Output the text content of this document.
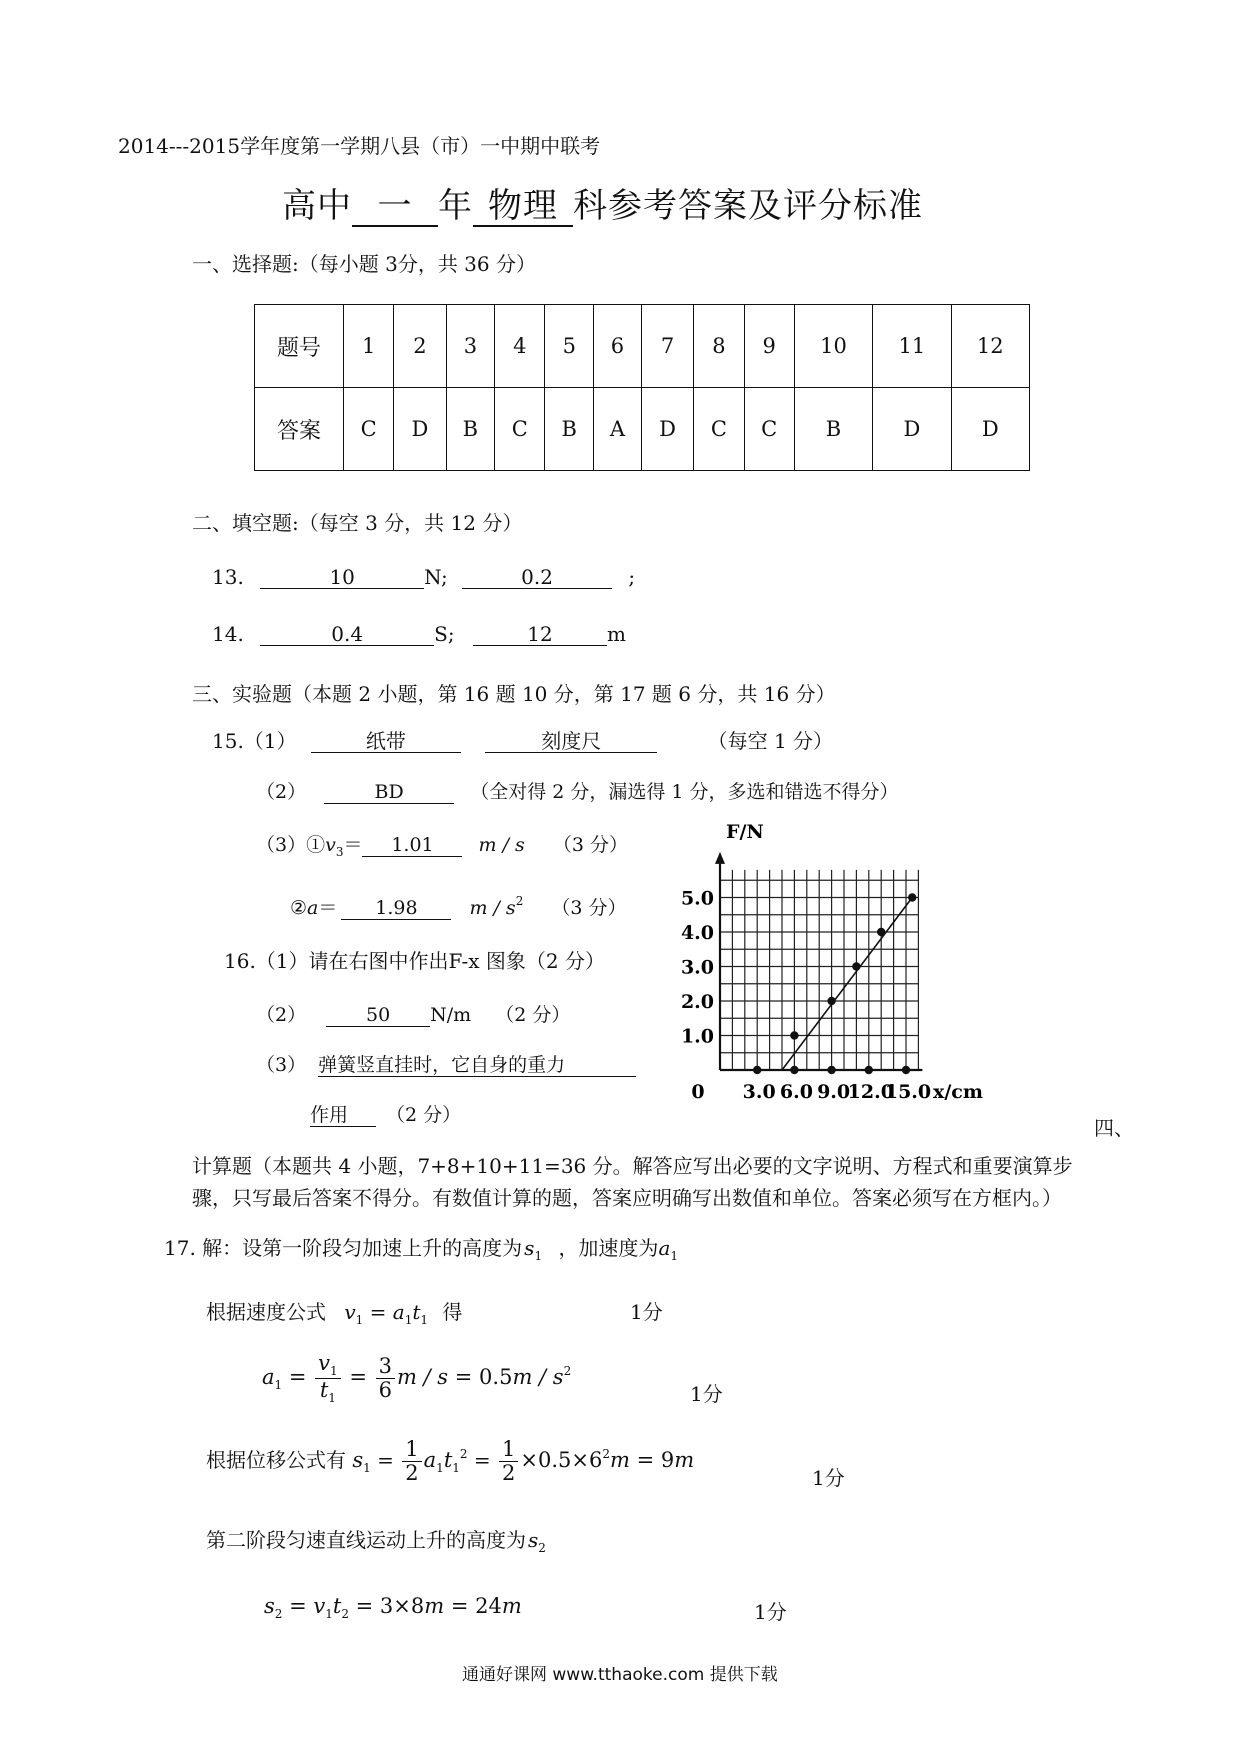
2014---2015学年度第一学期八县（市）一中期中联考
高中 一 年 物理 科参考答案及评分标准
一、选择题:（每小题 3分，共 36 分）
题号	1	2	3	4	5	6	7	8	9	10	11	12
答案	C	D	B	C	B	A	D	C	C	B	D	D
二、填空题:（每空 3 分，共 12 分）
13.	10	N;	0.2	;
14.	0.4	S;	12	m
三、实验题（本题 2 小题，第 16 题 10 分，第 17 题 6 分，共 16 分）
15.（1）	纸带	刻度尺	（每空 1 分）
（2）	BD	（全对得 2 分，漏选得 1 分，多选和错选不得分）
$(3)①v_3= 1.01$ m / s （3 分）
②a＝ 1.98	m / $s^2$ （3 分）
16.（1）请在右图中作出F-x 图象（2 分）
（2）	50 N/m （2 分）
（3） 弹簧竖直挂时，它自身的重力
作用 （2 分）
F/N
0 3.0 6.0 9.0
12.0
15.0 x/cm
1.0
2.0
3.0
4.0
5.0
四、
计算题（本题共 4 小题，7+8+10+11=36 分。解答应写出必要的文字说明、方程式和重要演算步
骤，只写最后答案不得分。有数值计算的题，答案应明确写出数值和单位。答案必须写在方框内。）
17. 解：设第一阶段匀加速上升的高度为 $s_1$ ，加速度为$a_1$
根据速度公式 $v_1 = a_1t_1$ 得	1分
$a_1 = \frac{v_1}{t_1} = \frac{3}{6}$ $m / s = 0.5m / s^2$
1分
根据位移公式有 $s_1 = \frac{1}{2} a_1t_1^2 = \frac{1}{2} \times 0.5\times 6^2m = 9m$
1分
第二阶段匀速直线运动上升的高度为 $s_2$
$s_2 = v_1t_2 = 3\times 8m = 24m$	1分
通通好课网 www.tthaoke.com 提供下载
